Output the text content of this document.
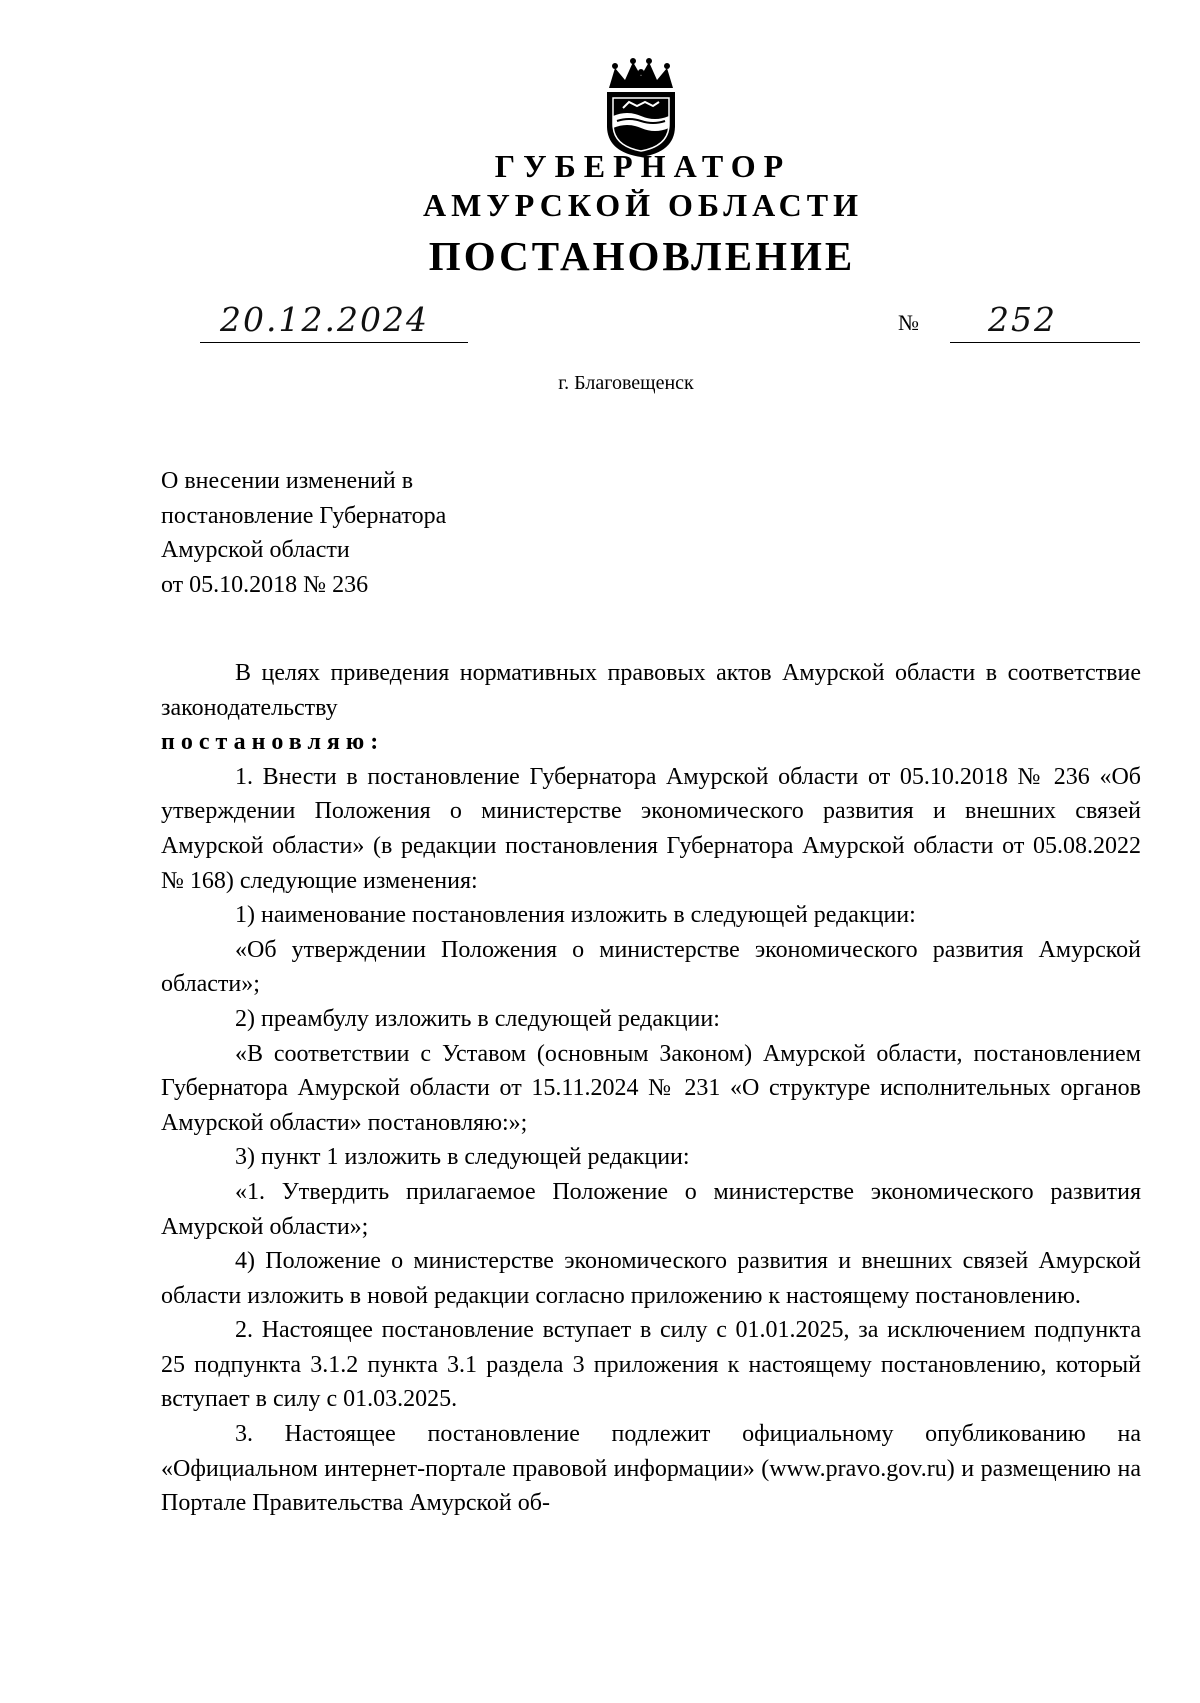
ГУБЕРНАТОР
АМУРСКОЙ ОБЛАСТИ
ПОСТАНОВЛЕНИЕ
20.12.2024	№ 252
г. Благовещенск
О внесении изменений в
постановление Губернатора
Амурской области
от 05.10.2018 № 236

В целях приведения нормативных правовых актов Амурской области в соответствие законодательству

постановляю:

1. Внести в постановление Губернатора Амурской области от 05.10.2018 № 236 «Об утверждении Положения о министерстве экономического развития и внешних связей Амурской области» (в редакции постановления Губернатора Амурской области от 05.08.2022 № 168) следующие изменения:

1) наименование постановления изложить в следующей редакции:

«Об утверждении Положения о министерстве экономического развития Амурской области»;

2) преамбулу изложить в следующей редакции:

«В соответствии с Уставом (основным Законом) Амурской области, постановлением Губернатора Амурской области от 15.11.2024 № 231 «О структуре исполнительных органов Амурской области» постановляю:»;

3) пункт 1 изложить в следующей редакции:

«1. Утвердить прилагаемое Положение о министерстве экономического развития Амурской области»;

4) Положение о министерстве экономического развития и внешних связей Амурской области изложить в новой редакции согласно приложению к настоящему постановлению.

2. Настоящее постановление вступает в силу с 01.01.2025, за исключением подпункта 25 подпункта 3.1.2 пункта 3.1 раздела 3 приложения к настоящему постановлению, который вступает в силу с 01.03.2025.

3. Настоящее постановление подлежит официальному опубликованию на «Официальном интернет-портале правовой информации» (www.pravo.gov.ru) и размещению на Портале Правительства Амурской об-
